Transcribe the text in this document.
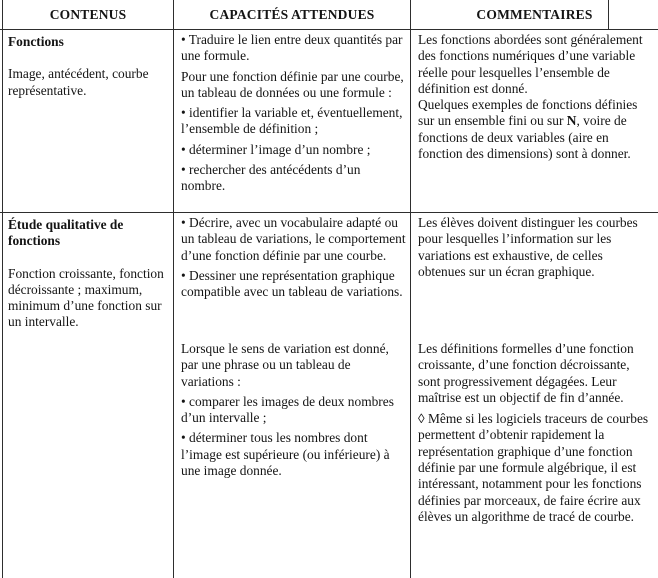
CONTENUS	CAPACITÉS ATTENDUES	COMMENTAIRES
Fonctions

Image, antécédent, courbe représentative.

• Traduire le lien entre deux quantités par une formule.

Pour une fonction définie par une courbe, un tableau de données ou une formule :

• identifier la variable et, éventuellement, l’ensemble de définition ;

• déterminer l’image d’un nombre ;

• rechercher des antécédents d’un nombre.

Les fonctions abordées sont généralement des fonctions numériques d’une variable réelle pour lesquelles l’ensemble de définition est donné.

Quelques exemples de fonctions définies sur un ensemble fini ou sur N, voire de fonctions de deux variables (aire en fonction des dimensions) sont à donner.

Étude qualitative de fonctions

Fonction croissante, fonction décroissante ; maximum, minimum d’une fonction sur un intervalle.

• Décrire, avec un vocabulaire adapté ou un tableau de variations, le comportement d’une fonction définie par une courbe.

• Dessiner une représentation graphique compatible avec un tableau de variations.

Lorsque le sens de variation est donné, par une phrase ou un tableau de variations :

• comparer les images de deux nombres d’un intervalle ;

• déterminer tous les nombres dont l’image est supérieure (ou inférieure) à une image donnée.

Les élèves doivent distinguer les courbes pour lesquelles l’information sur les variations est exhaustive, de celles obtenues sur un écran graphique.

Les définitions formelles d’une fonction croissante, d’une fonction décroissante, sont progressivement dégagées. Leur maîtrise est un objectif de fin d’année.

◊ Même si les logiciels traceurs de courbes permettent d’obtenir rapidement la représentation graphique d’une fonction définie par une formule algébrique, il est intéressant, notamment pour les fonctions définies par morceaux, de faire écrire aux élèves un algorithme de tracé de courbe.
